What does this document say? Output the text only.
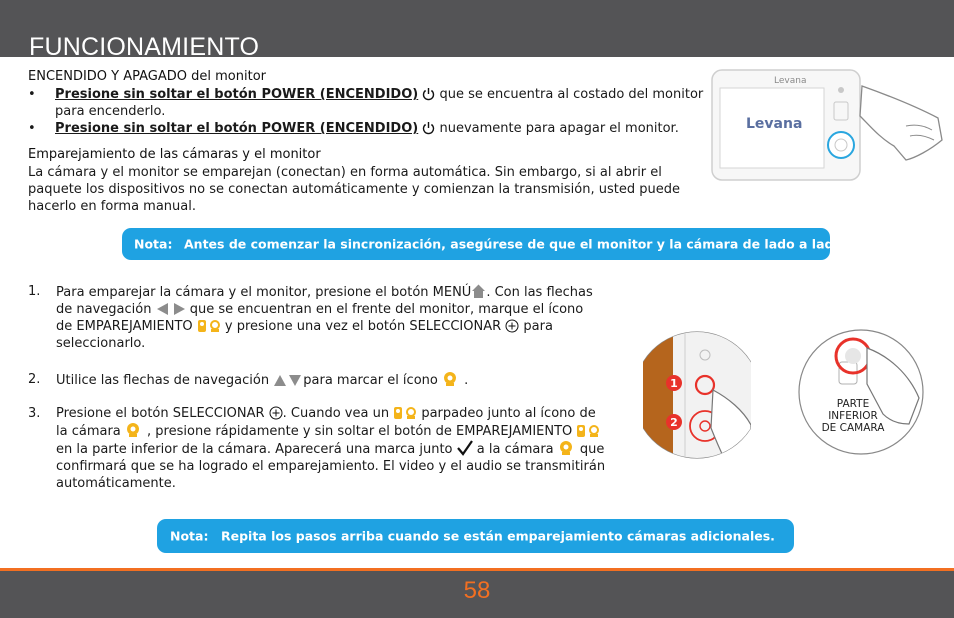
FUNCIONAMIENTO
ENCENDIDO Y APAGADO del monitor
•	Presione sin soltar el botón POWER (ENCENDIDO)
que se encuentra al costado del monitor
para encenderlo.
•	Presione sin soltar el botón POWER (ENCENDIDO)
nuevamente para apagar el monitor.
Emparejamiento de las cámaras y el monitor
La cámara y el monitor se emparejan (conectan) en forma automática. Sin embargo, si al abrir el
paquete los dispositivos no se conectan automáticamente y comienzan la transmisión, usted puede
hacerlo en forma manual.
Levana
Levana
Nota: Antes de comenzar la sincronización, asegúrese de que el monitor y la cámara de lado a lado.
1.	Para emparejar la cámara y el monitor, presione el botón MENÚ . Con las flechas
de navegación
que se encuentran en el frente del monitor, marque el ícono
de EMPAREJAMIENTO
y presione una vez el botón SELECCIONAR
para
seleccionarlo.
2.	Utilice las flechas de navegación
para marcar el ícono
.
3.	Presione el botón SELECCIONAR
. Cuando vea un
parpadeo junto al ícono de
la cámara
, presione rápidamente y sin soltar el botón de EMPAREJAMIENTO

en la parte inferior de la cámara. Aparecerá una marca junto
a la cámara
que
confirmará que se ha logrado el emparejamiento. El video y el audio se transmitirán
automáticamente.
1
2
PARTE
INFERIOR
DE CAMARA
Nota: Repita los pasos arriba cuando se están emparejamiento cámaras adicionales.
58
